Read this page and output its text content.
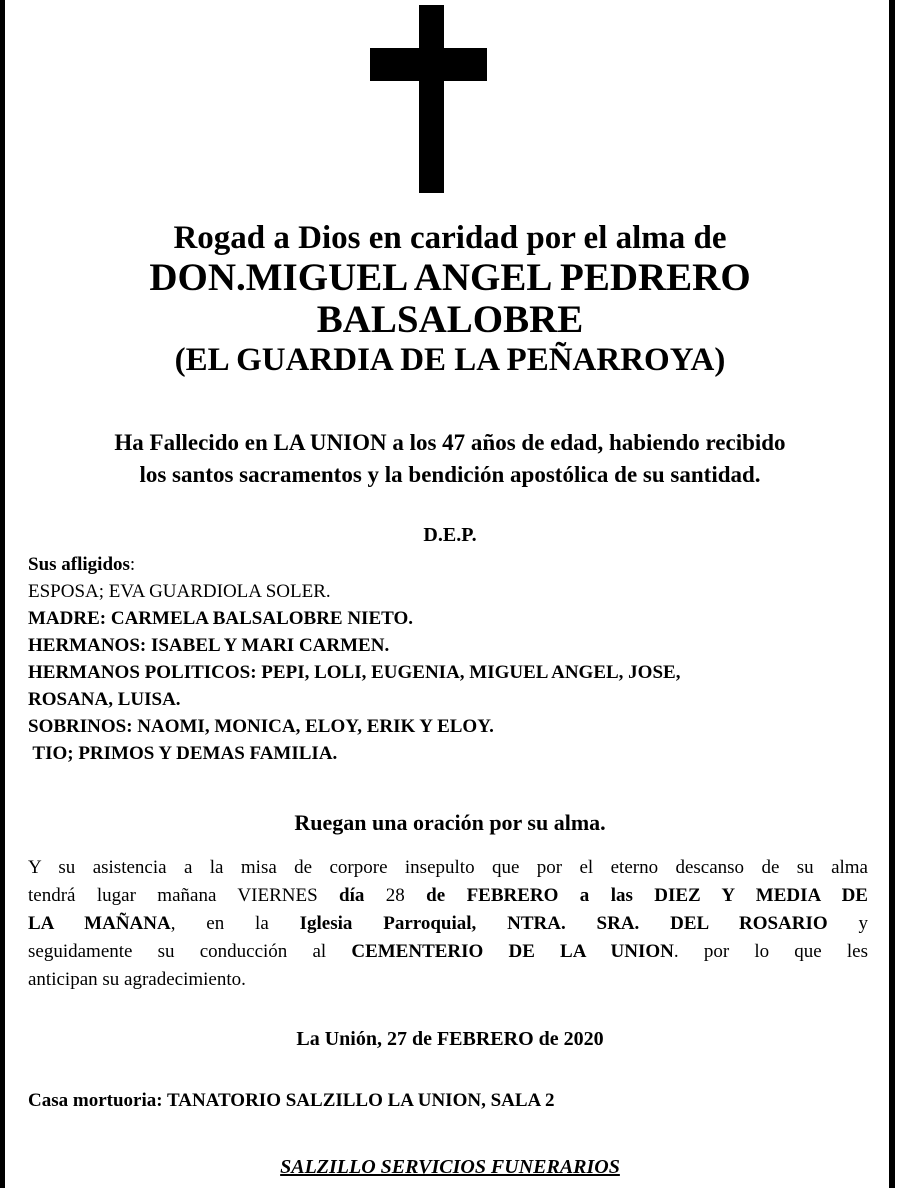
Rogad a Dios en caridad por el alma de
DON.MIGUEL ANGEL PEDRERO
BALSALOBRE
(EL GUARDIA DE LA PEÑARROYA)
Ha Fallecido en LA UNION a los 47 años de edad, habiendo recibido
los santos sacramentos y la bendición apostólica de su santidad.
D.E.P.
Sus afligidos:
ESPOSA; EVA GUARDIOLA SOLER.
MADRE: CARMELA BALSALOBRE NIETO.
HERMANOS: ISABEL Y MARI CARMEN.
HERMANOS POLITICOS: PEPI, LOLI, EUGENIA, MIGUEL ANGEL, JOSE,
ROSANA, LUISA.
SOBRINOS: NAOMI, MONICA, ELOY, ERIK Y ELOY.
TIO; PRIMOS Y DEMAS FAMILIA.
Ruegan una oración por su alma.
Y su asistencia a la misa de corpore insepulto que por el eterno descanso de su alma
tendrá lugar mañana VIERNES día 28 de FEBRERO a las DIEZ Y MEDIA DE
LA MAÑANA, en la Iglesia Parroquial, NTRA. SRA. DEL ROSARIO y
seguidamente su conducción al CEMENTERIO DE LA UNION. por lo que les
anticipan su agradecimiento.
La Unión, 27 de FEBRERO de 2020
Casa mortuoria: TANATORIO SALZILLO LA UNION, SALA 2
SALZILLO SERVICIOS FUNERARIOS
